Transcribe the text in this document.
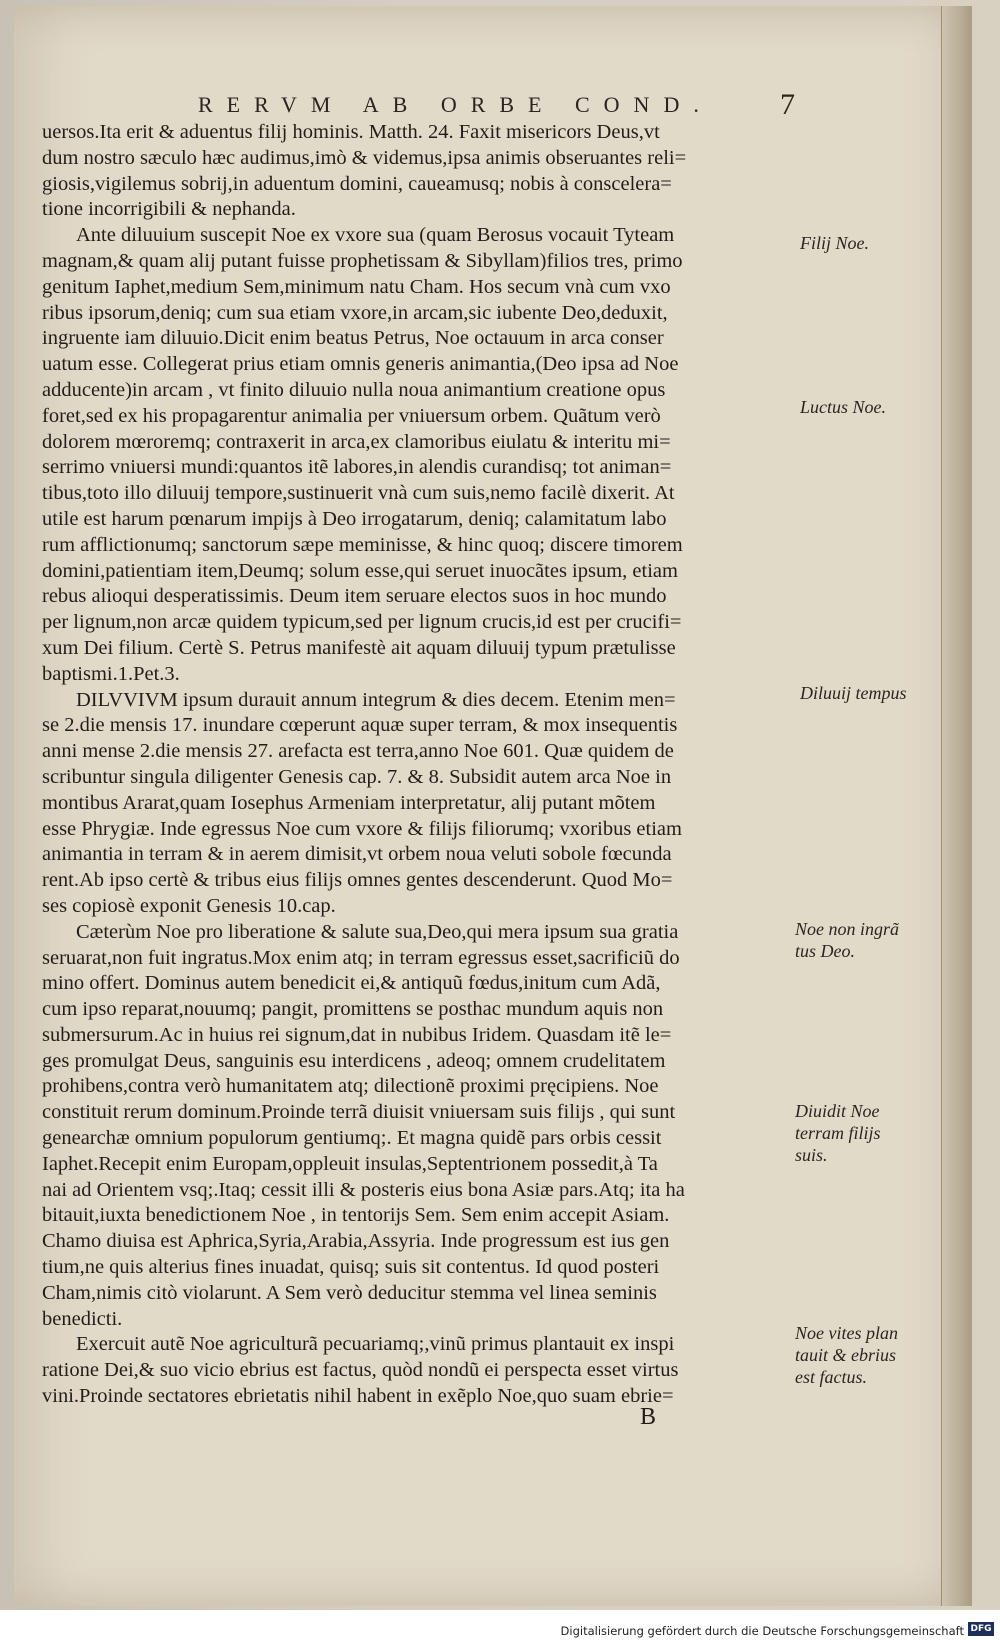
RERVM AB ORBE COND. 7
uersos.Ita erit & aduentus filij hominis. Matth. 24. Faxit misericors Deus,vt
dum nostro sæculo hæc audimus,imò & videmus,ipsa animis obseruantes reli=
giosis,vigilemus sobrij,in aduentum domini, caueamusq; nobis à conscelera=
tione incorrigibili & nephanda.
Ante diluuium suscepit Noe ex vxore sua (quam Berosus vocauit Tyteam
magnam,& quam alij putant fuisse prophetissam & Sibyllam)filios tres, primo
genitum Iaphet,medium Sem,minimum natu Cham. Hos secum vnà cum vxo
ribus ipsorum,deniq; cum sua etiam vxore,in arcam,sic iubente Deo,deduxit,
ingruente iam diluuio.Dicit enim beatus Petrus, Noe octauum in arca conser
uatum esse. Collegerat prius etiam omnis generis animantia,(Deo ipsa ad Noe
adducente)in arcam , vt finito diluuio nulla noua animantium creatione opus
foret,sed ex his propagarentur animalia per vniuersum orbem. Quãtum verò
dolorem mœroremq; contraxerit in arca,ex clamoribus eiulatu & interitu mi=
serrimo vniuersi mundi:quantos itẽ labores,in alendis curandisq; tot animan=
tibus,toto illo diluuij tempore,sustinuerit vnà cum suis,nemo facilè dixerit. At
utile est harum pœnarum impijs à Deo irrogatarum, deniq; calamitatum labo
rum afflictionumq; sanctorum sæpe meminisse, & hinc quoq; discere timorem
domini,patientiam item,Deumq; solum esse,qui seruet inuocãtes ipsum, etiam
rebus alioqui desperatissimis. Deum item seruare electos suos in hoc mundo
per lignum,non arcæ quidem typicum,sed per lignum crucis,id est per crucifi=
xum Dei filium. Certè S. Petrus manifestè ait aquam diluuij typum prætulisse
baptismi.1.Pet.3.
DILVVIVM ipsum durauit annum integrum & dies decem. Etenim men=
se 2.die mensis 17. inundare cœperunt aquæ super terram, & mox insequentis
anni mense 2.die mensis 27. arefacta est terra,anno Noe 601. Quæ quidem de
scribuntur singula diligenter Genesis cap. 7. & 8. Subsidit autem arca Noe in
montibus Ararat,quam Iosephus Armeniam interpretatur, alij putant mõtem
esse Phrygiæ. Inde egressus Noe cum vxore & filijs filiorumq; vxoribus etiam
animantia in terram & in aerem dimisit,vt orbem noua veluti sobole fœcunda
rent.Ab ipso certè & tribus eius filijs omnes gentes descenderunt. Quod Mo=
ses copiosè exponit Genesis 10.cap.
Cæterùm Noe pro liberatione & salute sua,Deo,qui mera ipsum sua gratia
seruarat,non fuit ingratus.Mox enim atq; in terram egressus esset,sacrificiũ do
mino offert. Dominus autem benedicit ei,& antiquũ fœdus,initum cum Adã,
cum ipso reparat,nouumq; pangit, promittens se posthac mundum aquis non
submersurum.Ac in huius rei signum,dat in nubibus Iridem. Quasdam itẽ le=
ges promulgat Deus, sanguinis esu interdicens , adeoq; omnem crudelitatem
prohibens,contra verò humanitatem atq; dilectionẽ proximi pręcipiens. Noe
constituit rerum dominum.Proinde terrã diuisit vniuersam suis filijs , qui sunt
genearchæ omnium populorum gentiumq;. Et magna quidẽ pars orbis cessit
Iaphet.Recepit enim Europam,oppleuit insulas,Septentrionem possedit,à Ta
nai ad Orientem vsq;.Itaq; cessit illi & posteris eius bona Asiæ pars.Atq; ita ha
bitauit,iuxta benedictionem Noe , in tentorijs Sem. Sem enim accepit Asiam.
Chamo diuisa est Aphrica,Syria,Arabia,Assyria. Inde progressum est ius gen
tium,ne quis alterius fines inuadat, quisq; suis sit contentus. Id quod posteri
Cham,nimis citò violarunt. A Sem verò deducitur stemma vel linea seminis
benedicti.
Exercuit autẽ Noe agriculturã pecuariamq;,vinũ primus plantauit ex inspi
ratione Dei,& suo vicio ebrius est factus, quòd nondũ ei perspecta esset virtus
vini.Proinde sectatores ebrietatis nihil habent in exẽplo Noe,quo suam ebrie=
Filij Noe.
Luctus Noe.
Diluuij tempus
Noe non ingrã tus Deo.
Diuidit Noe terram filijs suis.
Noe vites plan tauit & ebrius est factus.
B
Digitalisierung gefördert durch die Deutsche Forschungsgemeinschaft DFG
